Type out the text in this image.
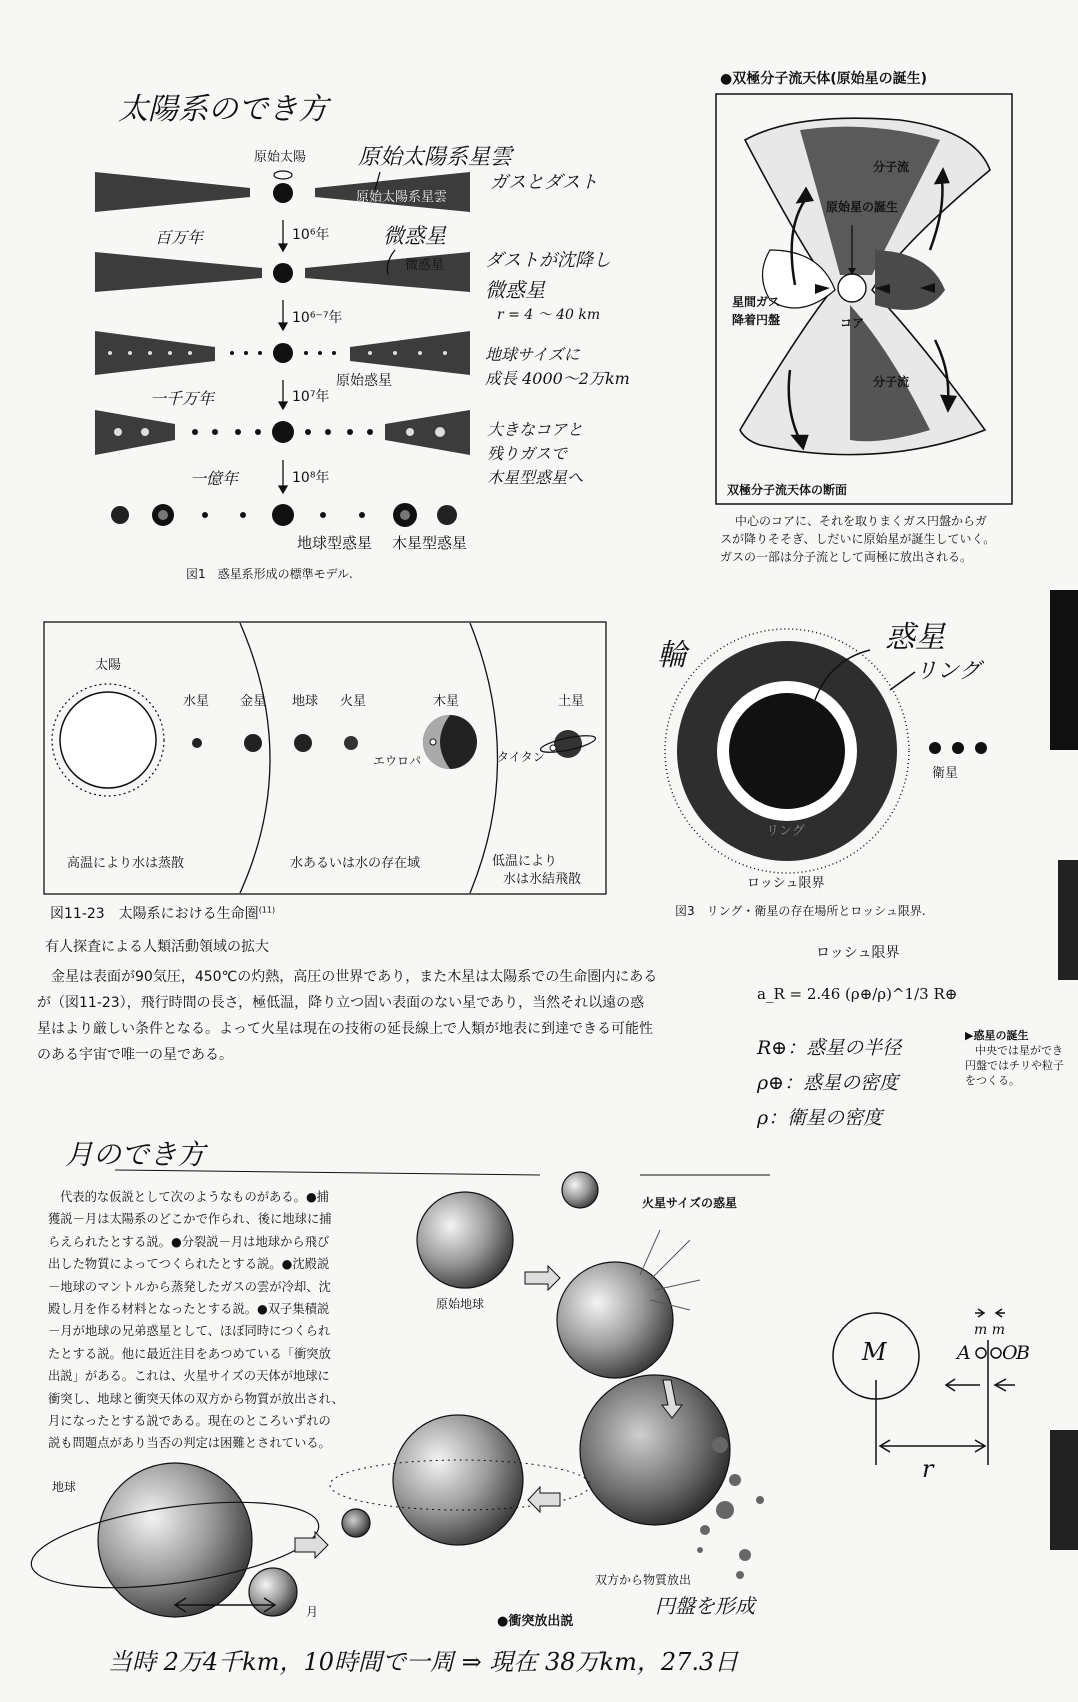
太陽系のでき方
原始太陽 原始太陽系星雲
ガスとダスト
原始太陽系星雲
百万年	10⁶年	微惑星
微惑星 ダストが沈降し
微惑星
r = 4 ～ 40 km
10⁶⁻⁷年
地球サイズに
成長 4000～2万km
原始惑星
一千万年	10⁷年
大きなコアと
残りガスで
木星型惑星へ
一億年	10⁸年
地球型惑星 木星型惑星
図1　惑星系形成の標準モデル.
●双極分子流天体(原始星の誕生)
分子流
原始星の誕生
星間ガス
降着円盤	コア
分子流
双極分子流天体の断面
中心のコアに、それを取りまくガス円盤からガ
スが降りそそぎ、しだいに原始星が誕生していく。
ガスの一部は分子流として両極に放出される。
太陽
水星 金星 地球 火星	木星	土星
エウロパ	タイタン
高温により水は蒸散	水あるいは水の存在域	低温により
水は氷結飛散
図11-23　太陽系における生命圏$^{(11)}$
輪
惑星
リング
リング
衛星
ロッシュ限界
図3　リング・衛星の存在場所とロッシュ限界.
有人探査による人類活動領域の拡大
金星は表面が90気圧，450℃の灼熱，高圧の世界であり，また木星は太陽系での生命圏内にある
が（図11-23），飛行時間の長さ，極低温，降り立つ固い表面のない星であり，当然それ以遠の惑
星はより厳しい条件となる。よって火星は現在の技術の延長線上で人類が地表に到達できる可能性
のある宇宙で唯一の星である。
ロッシュ限界
a_R = 2.46 (ρ⊕/ρ)^1/3 R⊕
R⊕：惑星の半径
ρ⊕：惑星の密度
ρ：衛星の密度
▶惑星の誕生
中央では星ができ
円盤ではチリや粒子
をつくる。
月のでき方
代表的な仮説として次のようなものがある。●捕
獲説－月は太陽系のどこかで作られ、後に地球に捕
らえられたとする説。●分裂説－月は地球から飛び
出した物質によってつくられたとする説。●沈殿説
－地球のマントルから蒸発したガスの雲が冷却、沈
殿し月を作る材料となったとする説。●双子集積説
－月が地球の兄弟惑星として、ほぼ同時につくられ
たとする説。他に最近注目をあつめている「衝突放
出説」がある。これは、火星サイズの天体が地球に
衝突し、地球と衝突天体の双方から物質が放出され、
月になったとする説である。現在のところいずれの
説も問題点があり当否の判定は困難とされている。
火星サイズの惑星
原始地球
地球
月
双方から物質放出
円盤を形成
●衝突放出説
当時 2万4千km，10時間で一周 ⇒ 現在 38万km，27.3日
M	A O
B
m m
r
